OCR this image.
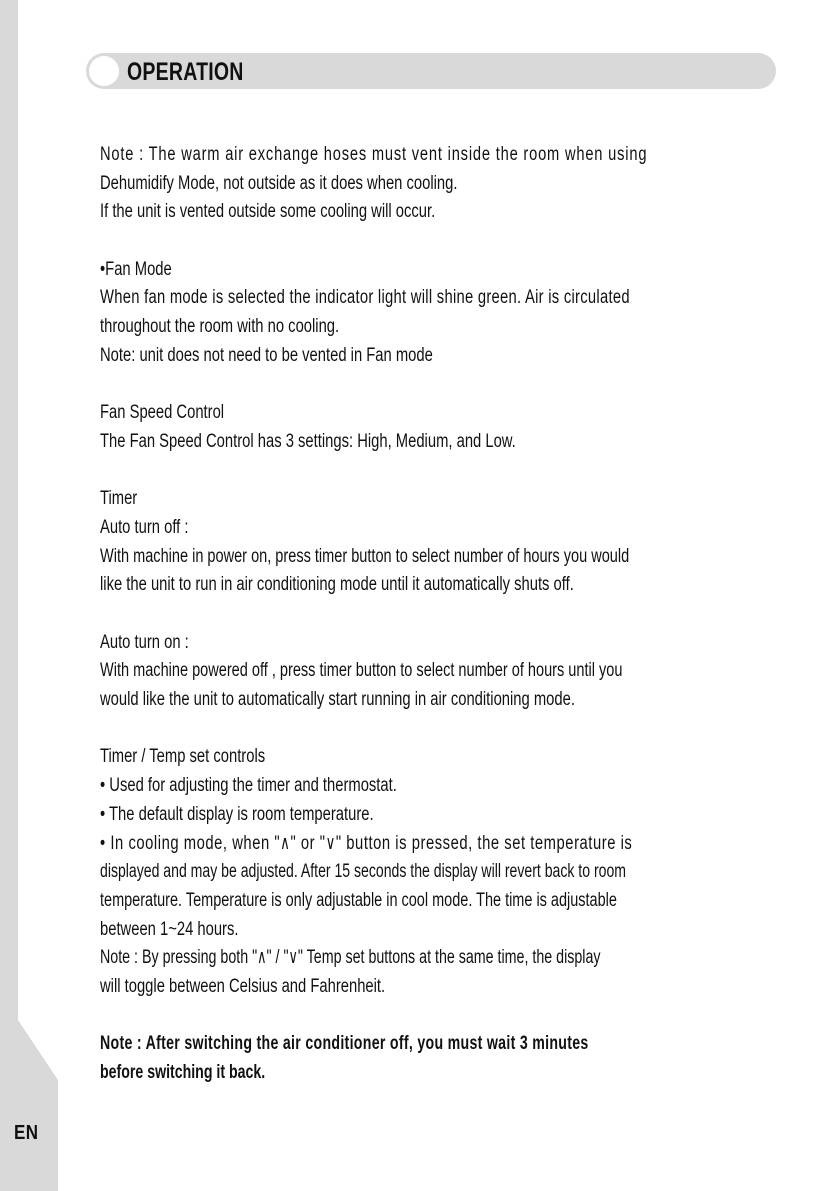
EN
OPERATION
Note : The warm air exchange hoses must vent inside the room when using
Dehumidify Mode, not outside as it does when cooling.
If the unit is vented outside some cooling will occur.
•Fan Mode
When fan mode is selected the indicator light will shine green. Air is circulated
throughout the room with no cooling.
Note: unit does not need to be vented in Fan mode
Fan Speed Control
The Fan Speed Control has 3 settings: High, Medium, and Low.
Timer
Auto turn off :
With machine in power on, press timer button to select number of hours you would
like the unit to run in air conditioning mode until it automatically shuts off.
Auto turn on :
With machine powered off , press timer button to select number of hours until you
would like the unit to automatically start running in air conditioning mode.
Timer / Temp set controls
• Used for adjusting the timer and thermostat.
• The default display is room temperature.
• In cooling mode, when "∧" or "∨" button is pressed, the set temperature is
displayed and may be adjusted. After 15 seconds the display will revert back to room
temperature. Temperature is only adjustable in cool mode. The time is adjustable
between 1~24 hours.
Note : By pressing both "∧" / "∨" Temp set buttons at the same time, the display
will toggle between Celsius and Fahrenheit.
Note : After switching the air conditioner off, you must wait 3 minutes
before switching it back.
